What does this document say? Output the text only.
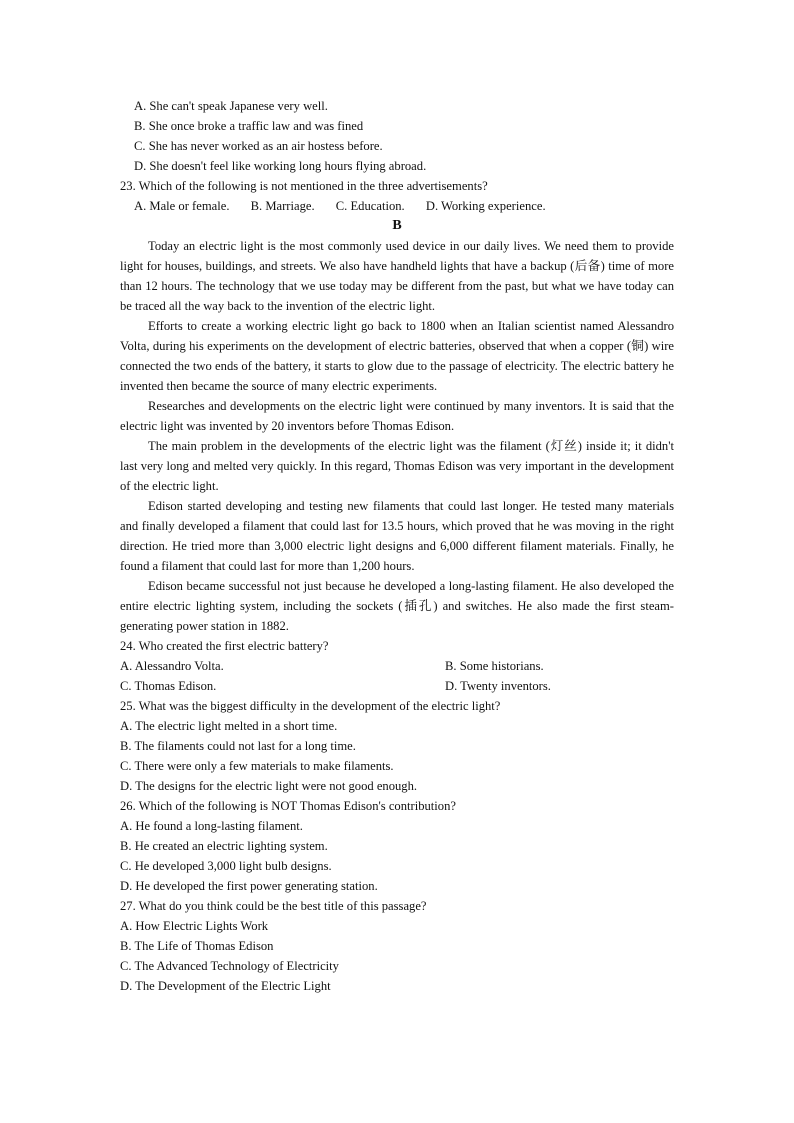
A. She can't speak Japanese very well.
B. She once broke a traffic law and was fined
C. She has never worked as an air hostess before.
D. She doesn't feel like working long hours flying abroad.
23. Which of the following is not mentioned in the three advertisements?
A. Male or female. B. Marriage. C. Education. D. Working experience.
B

Today an electric light is the most commonly used device in our daily lives. We need them to provide light for houses, buildings, and streets. We also have handheld lights that have a backup (后备) time of more than 12 hours. The technology that we use today may be different from the past, but what we have today can be traced all the way back to the invention of the electric light.

Efforts to create a working electric light go back to 1800 when an Italian scientist named Alessandro Volta, during his experiments on the development of electric batteries, observed that when a copper (铜) wire connected the two ends of the battery, it starts to glow due to the passage of electricity. The electric battery he invented then became the source of many electric experiments.

Researches and developments on the electric light were continued by many inventors. It is said that the electric light was invented by 20 inventors before Thomas Edison.

The main problem in the developments of the electric light was the filament (灯丝) inside it; it didn't last very long and melted very quickly. In this regard, Thomas Edison was very important in the development of the electric light.

Edison started developing and testing new filaments that could last longer. He tested many materials and finally developed a filament that could last for 13.5 hours, which proved that he was moving in the right direction. He tried more than 3,000 electric light designs and 6,000 different filament materials. Finally, he found a filament that could last for more than 1,200 hours.

Edison became successful not just because he developed a long-lasting filament. He also developed the entire electric lighting system, including the sockets (插孔) and switches. He also made the first steam-generating power station in 1882.

24. Who created the first electric battery?
A. Alessandro Volta.	B. Some historians.
C. Thomas Edison.	D. Twenty inventors.
25. What was the biggest difficulty in the development of the electric light?
A. The electric light melted in a short time.
B. The filaments could not last for a long time.
C. There were only a few materials to make filaments.
D. The designs for the electric light were not good enough.
26. Which of the following is NOT Thomas Edison's contribution?
A. He found a long-lasting filament.
B. He created an electric lighting system.
C. He developed 3,000 light bulb designs.
D. He developed the first power generating station.
27. What do you think could be the best title of this passage?
A. How Electric Lights Work
B. The Life of Thomas Edison
C. The Advanced Technology of Electricity
D. The Development of the Electric Light
